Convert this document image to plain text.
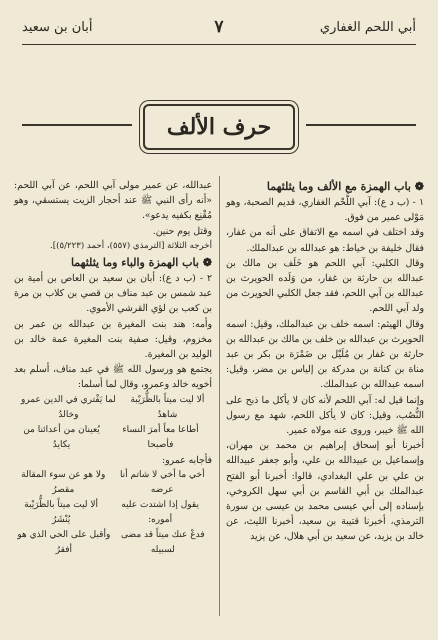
أبي اللحم الغفاري
٧
أبان بن سعيد
حرف الألف

❁ باب الهمزة مع الألف وما يثلثهما

١ - (ب د ع): آبي اللَّحْم الغفاري، قديم الصحبة، وهو مَوْلى عمير من فوق.

وقد اختلف في اسمه مع الاتفاق على أنه من غفار، فقال خليفة بن خياط: هو عبدالله بن عبدالملك.

وقال الكلبي: آبي اللحم هو خَلَف بن مالك بن عبدالله بن حارثة بن غفار، من وَلَده الحويرث بن عبدالله بن آبي اللحم، فقد جعل الكلبي الحويرث من ولد آبي اللحم.

وقال الهيثم: اسمه خلف بن عبدالملك، وقيل: اسمه الحويرث بن عبدالله بن خلف بن مالك بن عبدالله بن حارثة بن غفار بن مُلَيْل بن ضَمْرَة بن بكر بن عبد مناة بن كنانة بن مدركة بن إلياس بن مضر، وقيل: اسمه عبدالله بن عبدالملك.

وإنما قيل له: آبي اللحم لأنه كان لا يأكل ما ذبح على النُّصُب، وقيل: كان لا يأكل اللحم، شهد مع رسول الله ﷺ خيبر، وروى عنه مولاه عمير.

أخبرنا أبو إسحاق إبراهيم بن محمد بن مهران، وإسماعيل بن عبيدالله بن علي، وأبو جعفر عبيدالله بن علي بن علي البغدادي، قالوا: أخبرنا أبو الفتح عبدالملك بن أبي القاسم بن أبي سهل الكروخي، بإسناده إلى أبي عيسى محمد بن عيسى بن سورة الترمذي، أخبرنا قتيبة بن سعيد، أخبرنا الليث، عن خالد بن يزيد، عن سعيد بن أبي هلال، عن يزيد

عبدالله، عن عمير مولى آبي اللحم، عن آبي اللحم: «أنه رأى النبي ﷺ عند أحجار الزيت يستسقي، وهو مُقْنِع بكفيه يدعو».

وقتل يوم حنين.

أخرجه الثلاثة [الترمذي (٥٥٧)، أحمد (٥/٢٢٣)].

❁ باب الهمزة والباء وما يثلثهما

٢ - (ب د ع): أبان بن سعيد بن العاص بن أمية بن عبد شمس بن عبد مناف بن قصي بن كلاب بن مرة بن كعب بن لؤي القرشي الأموي.

وأمه: هند بنت المغيرة بن عبدالله بن عمر بن مخزوم، وقيل: صفية بنت المغيرة عمة خالد بن الوليد بن المغيرة.

يجتمع هو ورسول الله ﷺ في عبد مناف، أسلم بعد أخويه خالد وعمرو، وقال لما أسلما:

ألا ليت ميتاً بالظُّرَيْبة شاهدٌ
لما يَفْتري في الدين عمرو وخالدُ
أطاعا معاً أمرَ النساء فأصبحا
يُعينان من أعدائنا من يكايدُ

فأجابه عمرو:

أخي ما أخي لا شاتم أنا عرضه
ولا هو عن سوء المقالة مقصرُ
يقول إذا اشتدت عليه أموره:
ألا ليت ميتاً بالظُّرَيْبة يُنْشَرُ
فدعْ عنك ميتاً قد مضى لسبيله
وأقبل على الحي الذي هو أفقرُ
